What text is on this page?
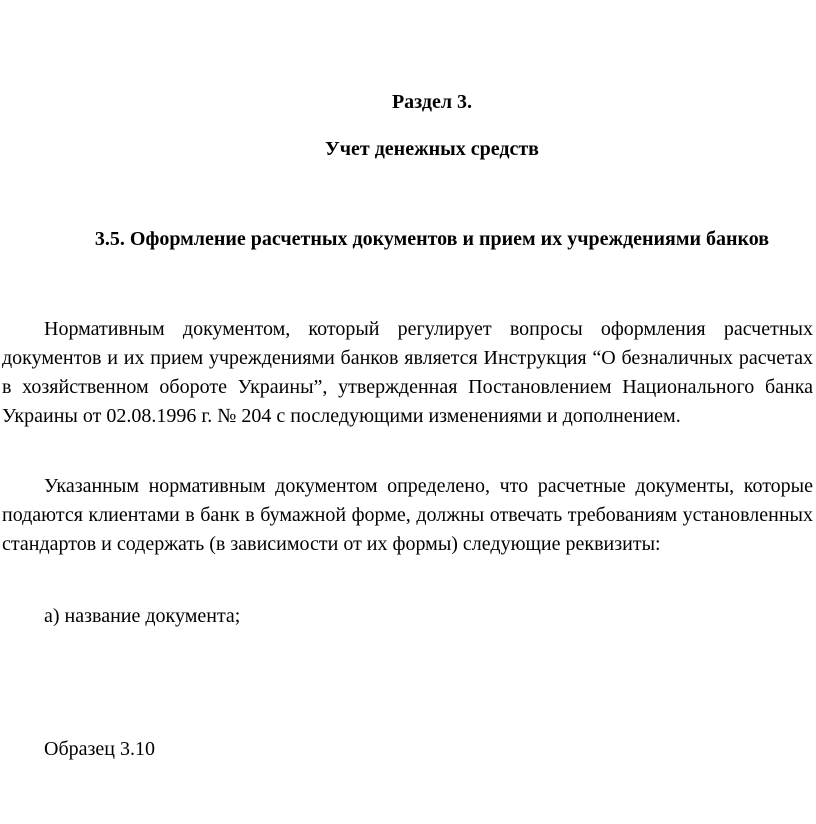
Раздел 3.
Учет денежных средств
3.5. Оформление расчетных документов и прием их учреждениями банков

Нормативным документом, который регулирует вопросы оформления расчетных документов и их прием учреждениями банков является Инструкция “О безналичных расчетах в хозяйственном обороте Украины”, утвержденная Постановлением Национального банка Украины от 02.08.1996 г. № 204 с последующими изменениями и дополнением.

Указанным нормативным документом определено, что расчетные документы, которые подаются клиентами в банк в бумажной форме, должны отвечать требованиям установленных стандартов и содержать (в зависимости от их формы) следующие реквизиты:

а) название документа;

Образец 3.10
